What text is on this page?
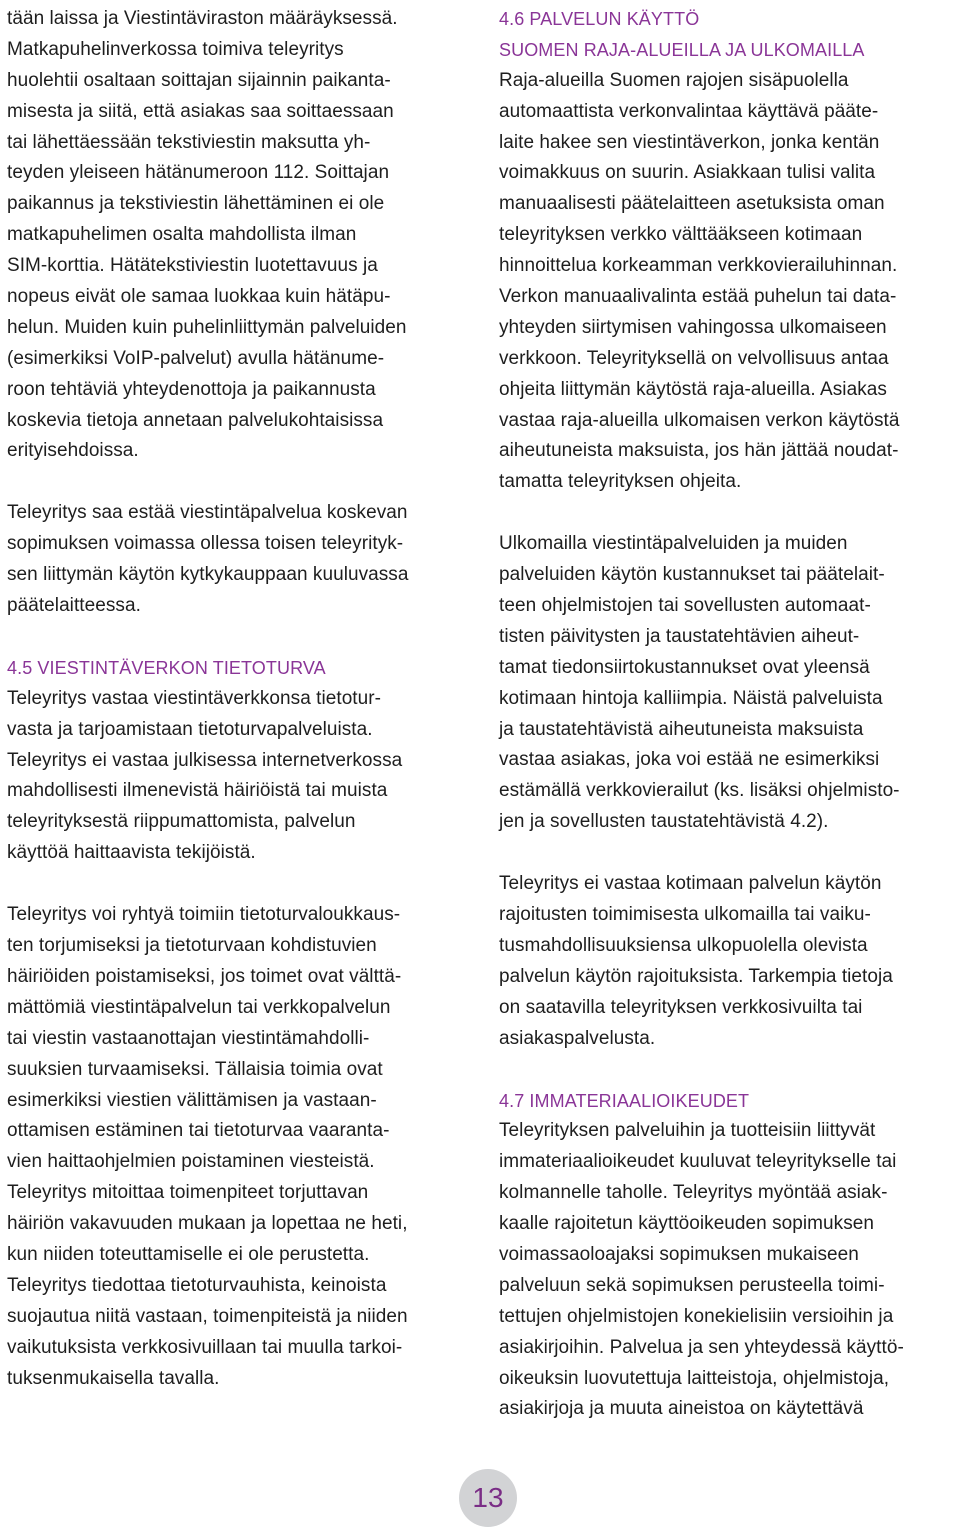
tään laissa ja Viestintäviraston määräyksessä.
Matkapuhelinverkossa toimiva teleyritys
huolehtii osaltaan soittajan sijainnin paikanta-
misesta ja siitä, että asiakas saa soittaessaan
tai lähettäessään tekstiviestin maksutta yh-
teyden yleiseen hätänumeroon 112. Soittajan
paikannus ja tekstiviestin lähettäminen ei ole
matkapuhelimen osalta mahdollista ilman
SIM-korttia. Hätätekstiviestin luotettavuus ja
nopeus eivät ole samaa luokkaa kuin hätäpu-
helun. Muiden kuin puhelinliittymän palveluiden
(esimerkiksi VoIP-palvelut) avulla hätänume-
roon tehtäviä yhteydenottoja ja paikannusta
koskevia tietoja annetaan palvelukohtaisissa
erityisehdoissa.
Teleyritys saa estää viestintäpalvelua koskevan
sopimuksen voimassa ollessa toisen teleyrityk-
sen liittymän käytön kytkykauppaan kuuluvassa
päätelaitteessa.
4.5 VIESTINTÄVERKON TIETOTURVA
Teleyritys vastaa viestintäverkkonsa tietotur-
vasta ja tarjoamistaan tietoturvapalveluista.
Teleyritys ei vastaa julkisessa internetverkossa
mahdollisesti ilmenevistä häiriöistä tai muista
teleyrityksestä riippumattomista, palvelun
käyttöä haittaavista tekijöistä.
Teleyritys voi ryhtyä toimiin tietoturvaloukkaus-
ten torjumiseksi ja tietoturvaan kohdistuvien
häiriöiden poistamiseksi, jos toimet ovat välttä-
mättömiä viestintäpalvelun tai verkkopalvelun
tai viestin vastaanottajan viestintämahdolli-
suuksien turvaamiseksi. Tällaisia toimia ovat
esimerkiksi viestien välittämisen ja vastaan-
ottamisen estäminen tai tietoturvaa vaaranta-
vien haittaohjelmien poistaminen viesteistä.
Teleyritys mitoittaa toimenpiteet torjuttavan
häiriön vakavuuden mukaan ja lopettaa ne heti,
kun niiden toteuttamiselle ei ole perustetta.
Teleyritys tiedottaa tietoturvauhista, keinoista
suojautua niitä vastaan, toimenpiteistä ja niiden
vaikutuksista verkkosivuillaan tai muulla tarkoi-
tuksenmukaisella tavalla.
4.6 PALVELUN KÄYTTÖ
SUOMEN RAJA-ALUEILLA JA ULKOMAILLA
Raja-alueilla Suomen rajojen sisäpuolella
automaattista verkonvalintaa käyttävä pääte-
laite hakee sen viestintäverkon, jonka kentän
voimakkuus on suurin. Asiakkaan tulisi valita
manuaalisesti päätelaitteen asetuksista oman
teleyrityksen verkko välttääkseen kotimaan
hinnoittelua korkeamman verkkovierailuhinnan.
Verkon manuaalivalinta estää puhelun tai data-
yhteyden siirtymisen vahingossa ulkomaiseen
verkkoon. Teleyrityksellä on velvollisuus antaa
ohjeita liittymän käytöstä raja-alueilla. Asiakas
vastaa raja-alueilla ulkomaisen verkon käytöstä
aiheutuneista maksuista, jos hän jättää noudat-
tamatta teleyrityksen ohjeita.
Ulkomailla viestintäpalveluiden ja muiden
palveluiden käytön kustannukset tai päätelait-
teen ohjelmistojen tai sovellusten automaat-
tisten päivitysten ja taustatehtävien aiheut-
tamat tiedonsiirtokustannukset ovat yleensä
kotimaan hintoja kalliimpia. Näistä palveluista
ja taustatehtävistä aiheutuneista maksuista
vastaa asiakas, joka voi estää ne esimerkiksi
estämällä verkkovierailut (ks. lisäksi ohjelmisto-
jen ja sovellusten taustatehtävistä 4.2).
Teleyritys ei vastaa kotimaan palvelun käytön
rajoitusten toimimisesta ulkomailla tai vaiku-
tusmahdollisuuksiensa ulkopuolella olevista
palvelun käytön rajoituksista. Tarkempia tietoja
on saatavilla teleyrityksen verkkosivuilta tai
asiakaspalvelusta.
4.7 IMMATERIAALIOIKEUDET
Teleyrityksen palveluihin ja tuotteisiin liittyvät
immateriaalioikeudet kuuluvat teleyritykselle tai
kolmannelle taholle. Teleyritys myöntää asiak-
kaalle rajoitetun käyttöoikeuden sopimuksen
voimassaoloajaksi sopimuksen mukaiseen
palveluun sekä sopimuksen perusteella toimi-
tettujen ohjelmistojen konekielisiin versioihin ja
asiakirjoihin. Palvelua ja sen yhteydessä käyttö-
oikeuksin luovutettuja laitteistoja, ohjelmistoja,
asiakirjoja ja muuta aineistoa on käytettävä
13
